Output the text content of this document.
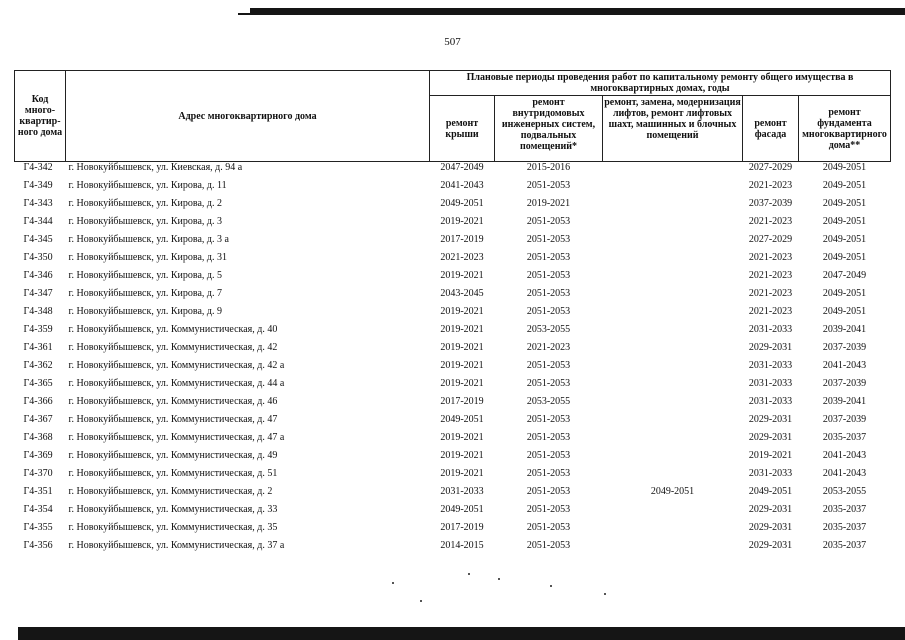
507
Код много-квартир-ного дома	Адрес многоквартирного дома	Плановые периоды проведения работ по капитальному ремонту общего имущества в многоквартирных домах, годы				
		ремонт крыши	ремонт внутридомовых инженерных систем, подвальных помещений*	ремонт, замена, модернизация лифтов, ремонт лифтовых шахт, машинных и блочных помещений	ремонт фасада	ремонт фундамента многоквартирного дома**
Г4-342	г. Новокуйбышевск, ул. Киевская, д. 94 а	2047-2049	2015-2016		2027-2029	2049-2051
Г4-349	г. Новокуйбышевск, ул. Кирова, д. 11	2041-2043	2051-2053		2021-2023	2049-2051
Г4-343	г. Новокуйбышевск, ул. Кирова, д. 2	2049-2051	2019-2021		2037-2039	2049-2051
Г4-344	г. Новокуйбышевск, ул. Кирова, д. 3	2019-2021	2051-2053		2021-2023	2049-2051
Г4-345	г. Новокуйбышевск, ул. Кирова, д. 3 а	2017-2019	2051-2053		2027-2029	2049-2051
Г4-350	г. Новокуйбышевск, ул. Кирова, д. 31	2021-2023	2051-2053		2021-2023	2049-2051
Г4-346	г. Новокуйбышевск, ул. Кирова, д. 5	2019-2021	2051-2053		2021-2023	2047-2049
Г4-347	г. Новокуйбышевск, ул. Кирова, д. 7	2043-2045	2051-2053		2021-2023	2049-2051
Г4-348	г. Новокуйбышевск, ул. Кирова, д. 9	2019-2021	2051-2053		2021-2023	2049-2051
Г4-359	г. Новокуйбышевск, ул. Коммунистическая, д. 40	2019-2021	2053-2055		2031-2033	2039-2041
Г4-361	г. Новокуйбышевск, ул. Коммунистическая, д. 42	2019-2021	2021-2023		2029-2031	2037-2039
Г4-362	г. Новокуйбышевск, ул. Коммунистическая, д. 42 а	2019-2021	2051-2053		2031-2033	2041-2043
Г4-365	г. Новокуйбышевск, ул. Коммунистическая, д. 44 а	2019-2021	2051-2053		2031-2033	2037-2039
Г4-366	г. Новокуйбышевск, ул. Коммунистическая, д. 46	2017-2019	2053-2055		2031-2033	2039-2041
Г4-367	г. Новокуйбышевск, ул. Коммунистическая, д. 47	2049-2051	2051-2053		2029-2031	2037-2039
Г4-368	г. Новокуйбышевск, ул. Коммунистическая, д. 47 а	2019-2021	2051-2053		2029-2031	2035-2037
Г4-369	г. Новокуйбышевск, ул. Коммунистическая, д. 49	2019-2021	2051-2053		2019-2021	2041-2043
Г4-370	г. Новокуйбышевск, ул. Коммунистическая, д. 51	2019-2021	2051-2053		2031-2033	2041-2043
Г4-351	г. Новокуйбышевск, ул. Коммунистическая, д. 2	2031-2033	2051-2053	2049-2051	2049-2051	2053-2055
Г4-354	г. Новокуйбышевск, ул. Коммунистическая, д. 33	2049-2051	2051-2053		2029-2031	2035-2037
Г4-355	г. Новокуйбышевск, ул. Коммунистическая, д. 35	2017-2019	2051-2053		2029-2031	2035-2037
Г4-356	г. Новокуйбышевск, ул. Коммунистическая, д. 37 а	2014-2015	2051-2053		2029-2031	2035-2037
